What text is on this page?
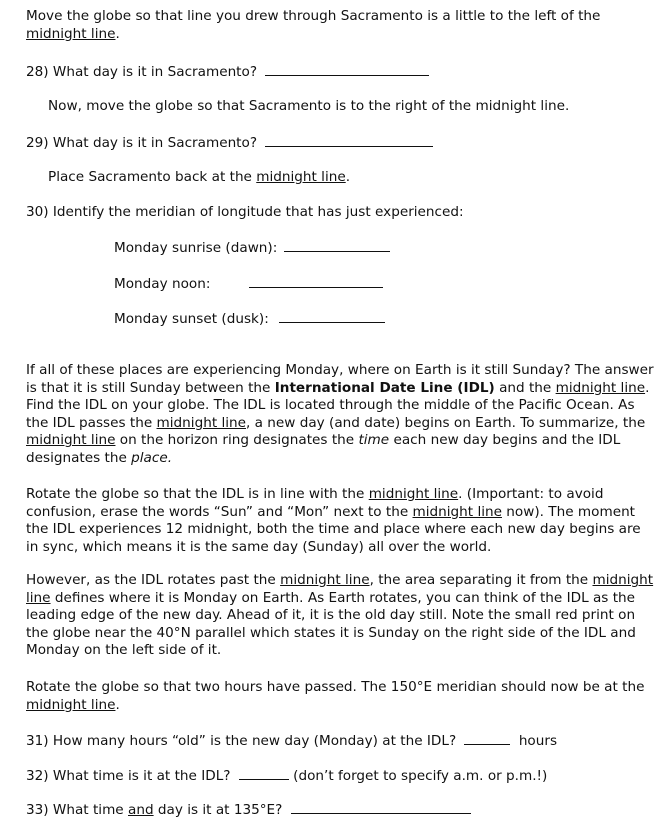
Move the globe so that line you drew through Sacramento is a little to the left of the midnight line.
28) What day is it in Sacramento?
Now, move the globe so that Sacramento is to the right of the midnight line.
29) What day is it in Sacramento?
Place Sacramento back at the midnight line.
30) Identify the meridian of longitude that has just experienced:
Monday sunrise (dawn):
Monday noon:
Monday sunset (dusk):
If all of these places are experiencing Monday, where on Earth is it still Sunday? The answer is that it is still Sunday between the International Date Line (IDL) and the midnight line. Find the IDL on your globe. The IDL is located through the middle of the Pacific Ocean. As the IDL passes the midnight line, a new day (and date) begins on Earth. To summarize, the midnight line on the horizon ring designates the time each new day begins and the IDL designates the place.
Rotate the globe so that the IDL is in line with the midnight line. (Important: to avoid confusion, erase the words “Sun” and “Mon” next to the midnight line now). The moment the IDL experiences 12 midnight, both the time and place where each new day begins are in sync, which means it is the same day (Sunday) all over the world.
However, as the IDL rotates past the midnight line, the area separating it from the midnight line defines where it is Monday on Earth. As Earth rotates, you can think of the IDL as the leading edge of the new day. Ahead of it, it is the old day still. Note the small red print on the globe near the 40°N parallel which states it is Sunday on the right side of the IDL and Monday on the left side of it.
Rotate the globe so that two hours have passed. The 150°E meridian should now be at the midnight line.
31) How many hours “old” is the new day (Monday) at the IDL?	hours
32) What time is it at the IDL?	(don’t forget to specify a.m. or p.m.!)
33) What time and day is it at 135°E?
